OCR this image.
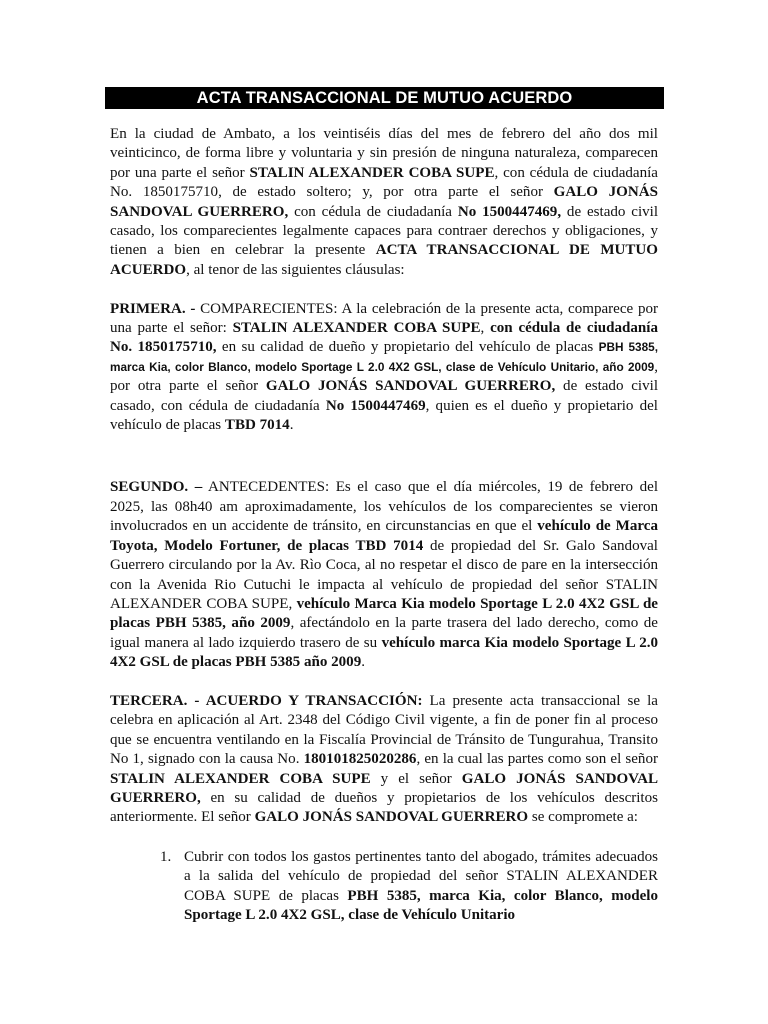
ACTA TRANSACCIONAL DE MUTUO ACUERDO

En la ciudad de Ambato, a los veintiséis días del mes de febrero del año dos mil veinticinco, de forma libre y voluntaria y sin presión de ninguna naturaleza, comparecen por una parte el señor STALIN ALEXANDER COBA SUPE, con cédula de ciudadanía No. 1850175710, de estado soltero; y, por otra parte el señor GALO JONÁS SANDOVAL GUERRERO, con cédula de ciudadanía No 1500447469, de estado civil casado, los comparecientes legalmente capaces para contraer derechos y obligaciones, y tienen a bien en celebrar la presente ACTA TRANSACCIONAL DE MUTUO ACUERDO, al tenor de las siguientes cláusulas:

PRIMERA. - COMPARECIENTES: A la celebración de la presente acta, comparece por una parte el señor: STALIN ALEXANDER COBA SUPE, con cédula de ciudadanía No. 1850175710, en su calidad de dueño y propietario del vehículo de placas PBH 5385, marca Kia, color Blanco, modelo Sportage L 2.0 4X2 GSL, clase de Vehículo Unitario, año 2009, por otra parte el señor GALO JONÁS SANDOVAL GUERRERO, de estado civil casado, con cédula de ciudadanía No 1500447469, quien es el dueño y propietario del vehículo de placas TBD 7014.

SEGUNDO. – ANTECEDENTES: Es el caso que el día miércoles, 19 de febrero del 2025, las 08h40 am aproximadamente, los vehículos de los comparecientes se vieron involucrados en un accidente de tránsito, en circunstancias en que el vehículo de Marca Toyota, Modelo Fortuner, de placas TBD 7014 de propiedad del Sr. Galo Sandoval Guerrero circulando por la Av. Rìo Coca, al no respetar el disco de pare en la intersección con la Avenida Rio Cutuchi le impacta al vehículo de propiedad del señor STALIN ALEXANDER COBA SUPE, vehículo Marca Kia modelo Sportage L 2.0 4X2 GSL de placas PBH 5385, año 2009, afectándolo en la parte trasera del lado derecho, como de igual manera al lado izquierdo trasero de su vehículo marca Kia modelo Sportage L 2.0 4X2 GSL de placas PBH 5385 año 2009.

TERCERA. - ACUERDO Y TRANSACCIÓN: La presente acta transaccional se la celebra en aplicación al Art. 2348 del Código Civil vigente, a fin de poner fin al proceso que se encuentra ventilando en la Fiscalía Provincial de Tránsito de Tungurahua, Transito No 1, signado con la causa No. 180101825020286, en la cual las partes como son el señor STALIN ALEXANDER COBA SUPE y el señor GALO JONÁS SANDOVAL GUERRERO, en su calidad de dueños y propietarios de los vehículos descritos anteriormente. El señor GALO JONÁS SANDOVAL GUERRERO se compromete a:

1. Cubrir con todos los gastos pertinentes tanto del abogado, trámites adecuados a la salida del vehículo de propiedad del señor STALIN ALEXANDER COBA SUPE de placas PBH 5385, marca Kia, color Blanco, modelo Sportage L 2.0 4X2 GSL, clase de Vehículo Unitario
